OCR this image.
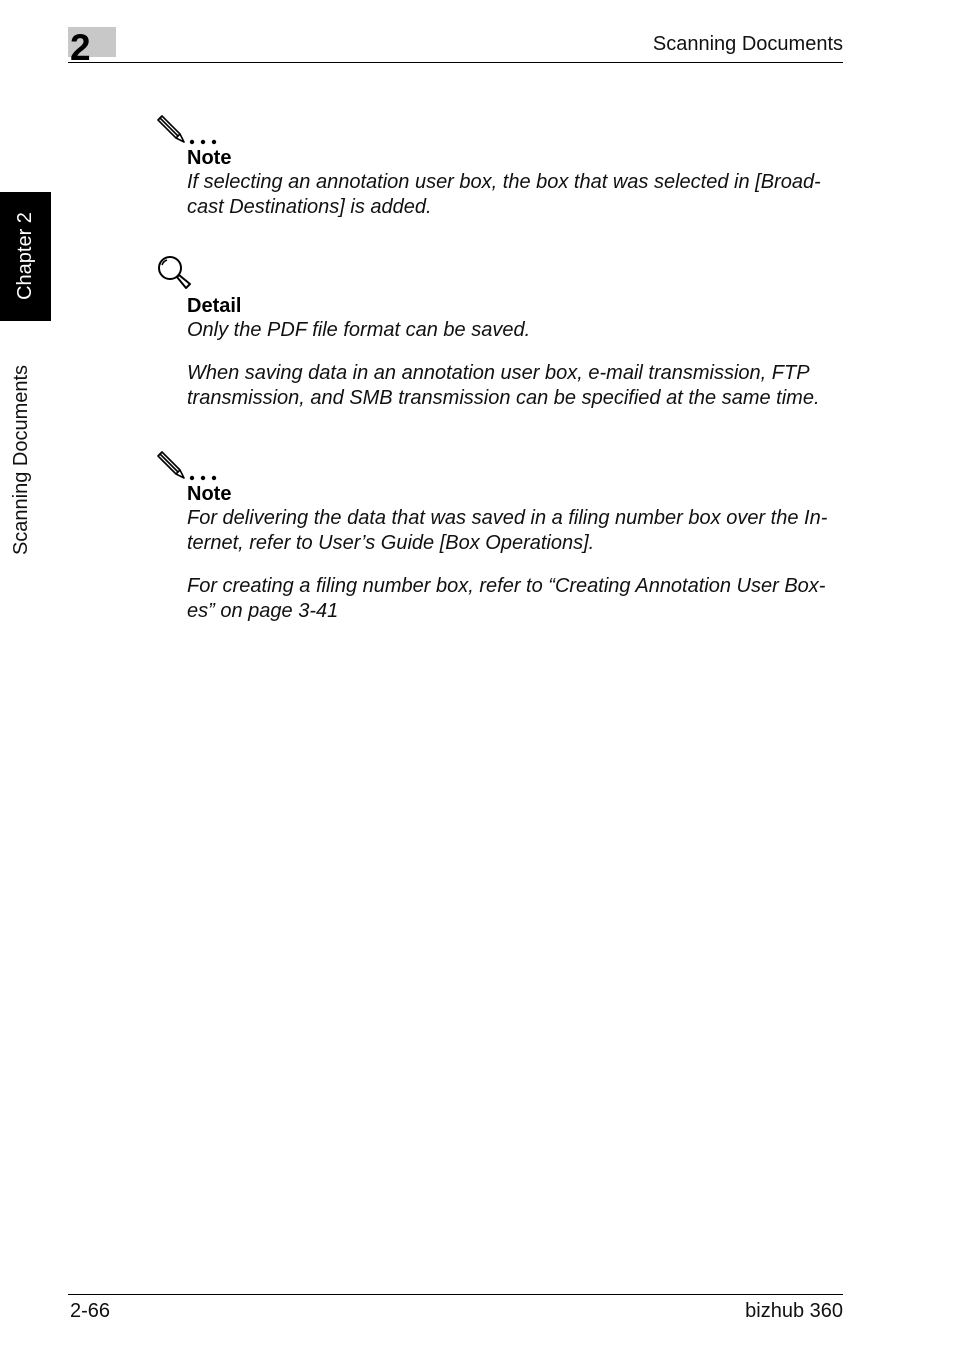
2	Scanning Documents
Chapter 2
Scanning Documents
Note
If selecting an annotation user box, the box that was selected in [Broad-cast Destinations] is added.
Detail
Only the PDF file format can be saved.
When saving data in an annotation user box, e-mail transmission, FTP transmission, and SMB transmission can be specified at the same time.
Note
For delivering the data that was saved in a filing number box over the In-ternet, refer to User’s Guide [Box Operations].
For creating a filing number box, refer to “Creating Annotation User Box-es” on page 3-41
2-66	bizhub 360
